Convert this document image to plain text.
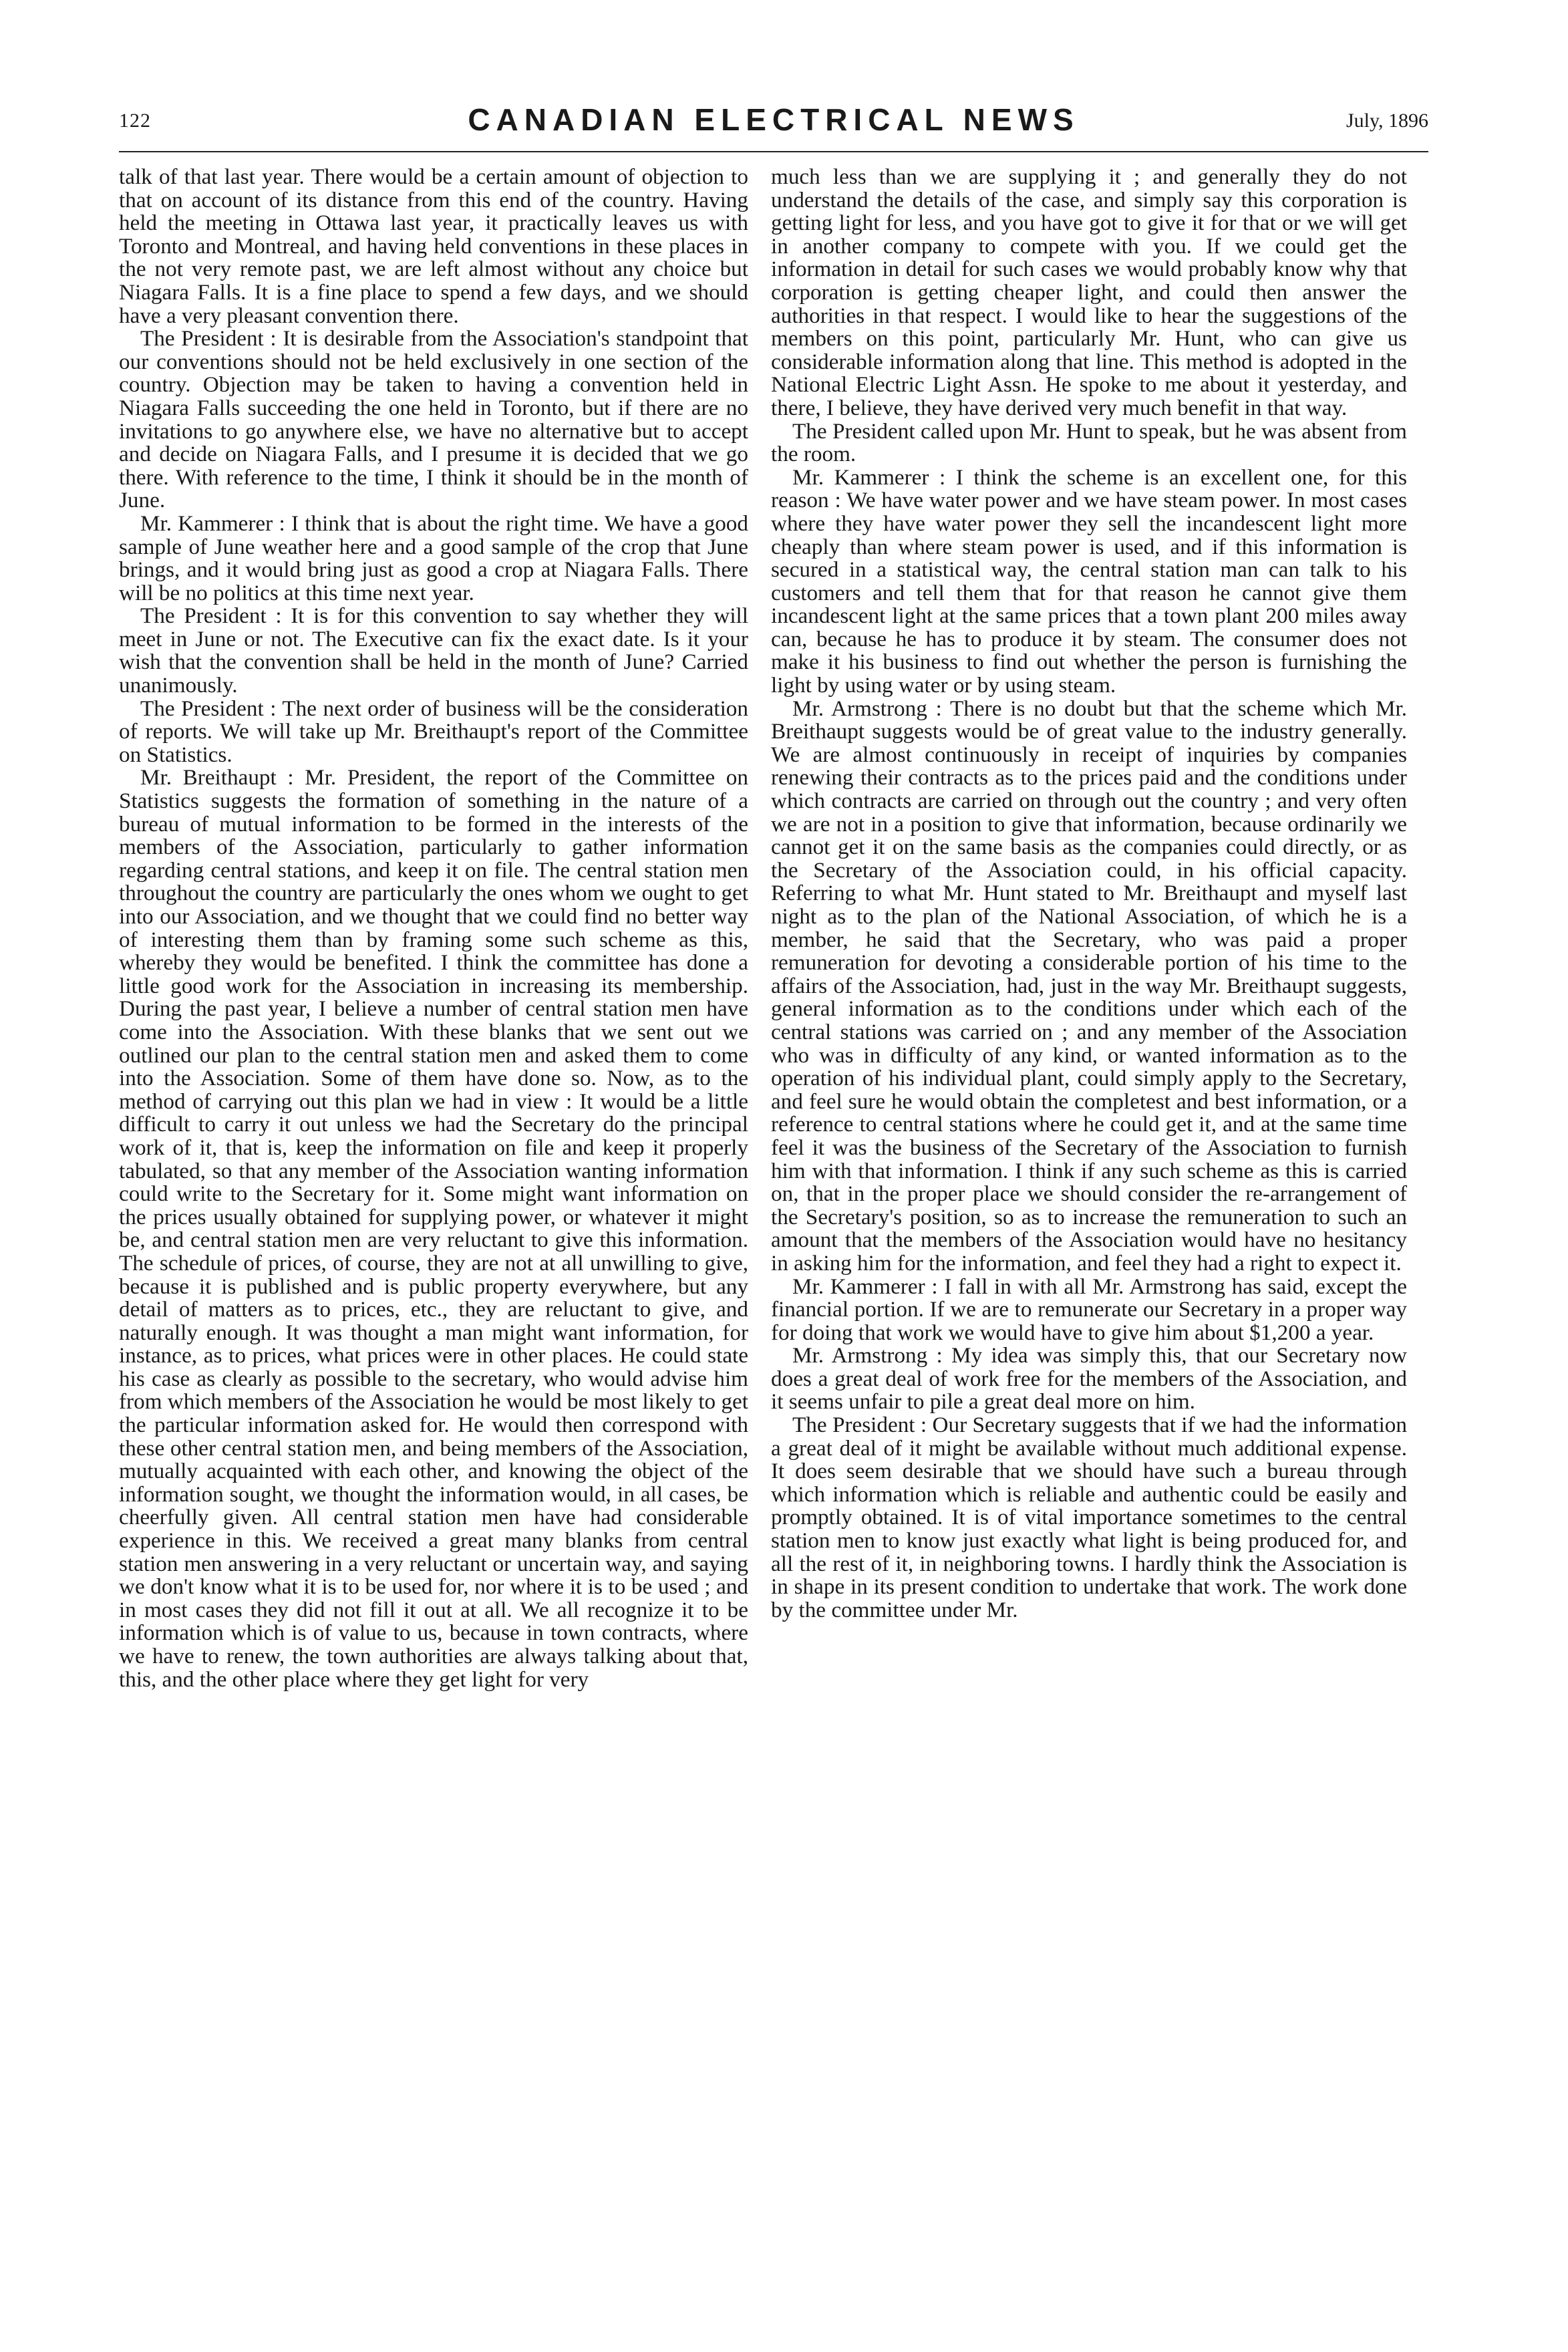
122	CANADIAN ELECTRICAL NEWS	July, 1896

talk of that last year. There would be a certain amount of objection to that on account of its distance from this end of the country. Having held the meeting in Ottawa last year, it practically leaves us with Toronto and Montreal, and having held conventions in these places in the not very remote past, we are left almost without any choice but Niagara Falls. It is a fine place to spend a few days, and we should have a very pleasant convention there.

The President : It is desirable from the Association's standpoint that our conventions should not be held exclusively in one section of the country. Objection may be taken to having a convention held in Niagara Falls succeeding the one held in Toronto, but if there are no invitations to go anywhere else, we have no alternative but to accept and decide on Niagara Falls, and I presume it is decided that we go there. With reference to the time, I think it should be in the month of June.

Mr. Kammerer : I think that is about the right time. We have a good sample of June weather here and a good sample of the crop that June brings, and it would bring just as good a crop at Niagara Falls. There will be no politics at this time next year.

The President : It is for this convention to say whether they will meet in June or not. The Executive can fix the exact date. Is it your wish that the convention shall be held in the month of June? Carried unanimously.

The President : The next order of business will be the consideration of reports. We will take up Mr. Breithaupt's report of the Committee on Statistics.

Mr. Breithaupt : Mr. President, the report of the Committee on Statistics suggests the formation of something in the nature of a bureau of mutual information to be formed in the interests of the members of the Association, particularly to gather information regarding central stations, and keep it on file. The central station men throughout the country are particularly the ones whom we ought to get into our Association, and we thought that we could find no better way of interesting them than by framing some such scheme as this, whereby they would be benefited. I think the committee has done a little good work for the Association in increasing its membership. During the past year, I believe a number of central station men have come into the Association. With these blanks that we sent out we outlined our plan to the central station men and asked them to come into the Association. Some of them have done so. Now, as to the method of carrying out this plan we had in view : It would be a little difficult to carry it out unless we had the Secretary do the principal work of it, that is, keep the information on file and keep it properly tabulated, so that any member of the Association wanting information could write to the Secretary for it. Some might want information on the prices usually obtained for supplying power, or whatever it might be, and central station men are very reluctant to give this information. The schedule of prices, of course, they are not at all unwilling to give, because it is published and is public property everywhere, but any detail of matters as to prices, etc., they are reluctant to give, and naturally enough. It was thought a man might want information, for instance, as to prices, what prices were in other places. He could state his case as clearly as possible to the secretary, who would advise him from which members of the Association he would be most likely to get the particular information asked for. He would then correspond with these other central station men, and being members of the Association, mutually acquainted with each other, and knowing the object of the information sought, we thought the information would, in all cases, be cheerfully given. All central station men have had considerable experience in this. We received a great many blanks from central station men answering in a very reluctant or uncertain way, and saying we don't know what it is to be used for, nor where it is to be used ; and in most cases they did not fill it out at all. We all recognize it to be information which is of value to us, because in town contracts, where we have to renew, the town authorities are always talking about that, this, and the other place where they get light for very

much less than we are supplying it ; and generally they do not understand the details of the case, and simply say this corporation is getting light for less, and you have got to give it for that or we will get in another company to compete with you. If we could get the information in detail for such cases we would probably know why that corporation is getting cheaper light, and could then answer the authorities in that respect. I would like to hear the suggestions of the members on this point, particularly Mr. Hunt, who can give us considerable information along that line. This method is adopted in the National Electric Light Assn. He spoke to me about it yesterday, and there, I believe, they have derived very much benefit in that way.

The President called upon Mr. Hunt to speak, but he was absent from the room.

Mr. Kammerer : I think the scheme is an excellent one, for this reason : We have water power and we have steam power. In most cases where they have water power they sell the incandescent light more cheaply than where steam power is used, and if this information is secured in a statistical way, the central station man can talk to his customers and tell them that for that reason he cannot give them incandescent light at the same prices that a town plant 200 miles away can, because he has to produce it by steam. The consumer does not make it his business to find out whether the person is furnishing the light by using water or by using steam.

Mr. Armstrong : There is no doubt but that the scheme which Mr. Breithaupt suggests would be of great value to the industry generally. We are almost continuously in receipt of inquiries by companies renewing their contracts as to the prices paid and the conditions under which contracts are carried on through out the country ; and very often we are not in a position to give that information, because ordinarily we cannot get it on the same basis as the companies could directly, or as the Secretary of the Association could, in his official capacity. Referring to what Mr. Hunt stated to Mr. Breithaupt and myself last night as to the plan of the National Association, of which he is a member, he said that the Secretary, who was paid a proper remuneration for devoting a considerable portion of his time to the affairs of the Association, had, just in the way Mr. Breithaupt suggests, general information as to the conditions under which each of the central stations was carried on ; and any member of the Association who was in difficulty of any kind, or wanted information as to the operation of his individual plant, could simply apply to the Secretary, and feel sure he would obtain the completest and best information, or a reference to central stations where he could get it, and at the same time feel it was the business of the Secretary of the Association to furnish him with that information. I think if any such scheme as this is carried on, that in the proper place we should consider the re-arrangement of the Secretary's position, so as to increase the remuneration to such an amount that the members of the Association would have no hesitancy in asking him for the information, and feel they had a right to expect it.

Mr. Kammerer : I fall in with all Mr. Armstrong has said, except the financial portion. If we are to remunerate our Secretary in a proper way for doing that work we would have to give him about $1,200 a year.

Mr. Armstrong : My idea was simply this, that our Secretary now does a great deal of work free for the members of the Association, and it seems unfair to pile a great deal more on him.

The President : Our Secretary suggests that if we had the information a great deal of it might be available without much additional expense. It does seem desirable that we should have such a bureau through which information which is reliable and authentic could be easily and promptly obtained. It is of vital importance sometimes to the central station men to know just exactly what light is being produced for, and all the rest of it, in neighboring towns. I hardly think the Association is in shape in its present condition to undertake that work. The work done by the committee under Mr.
